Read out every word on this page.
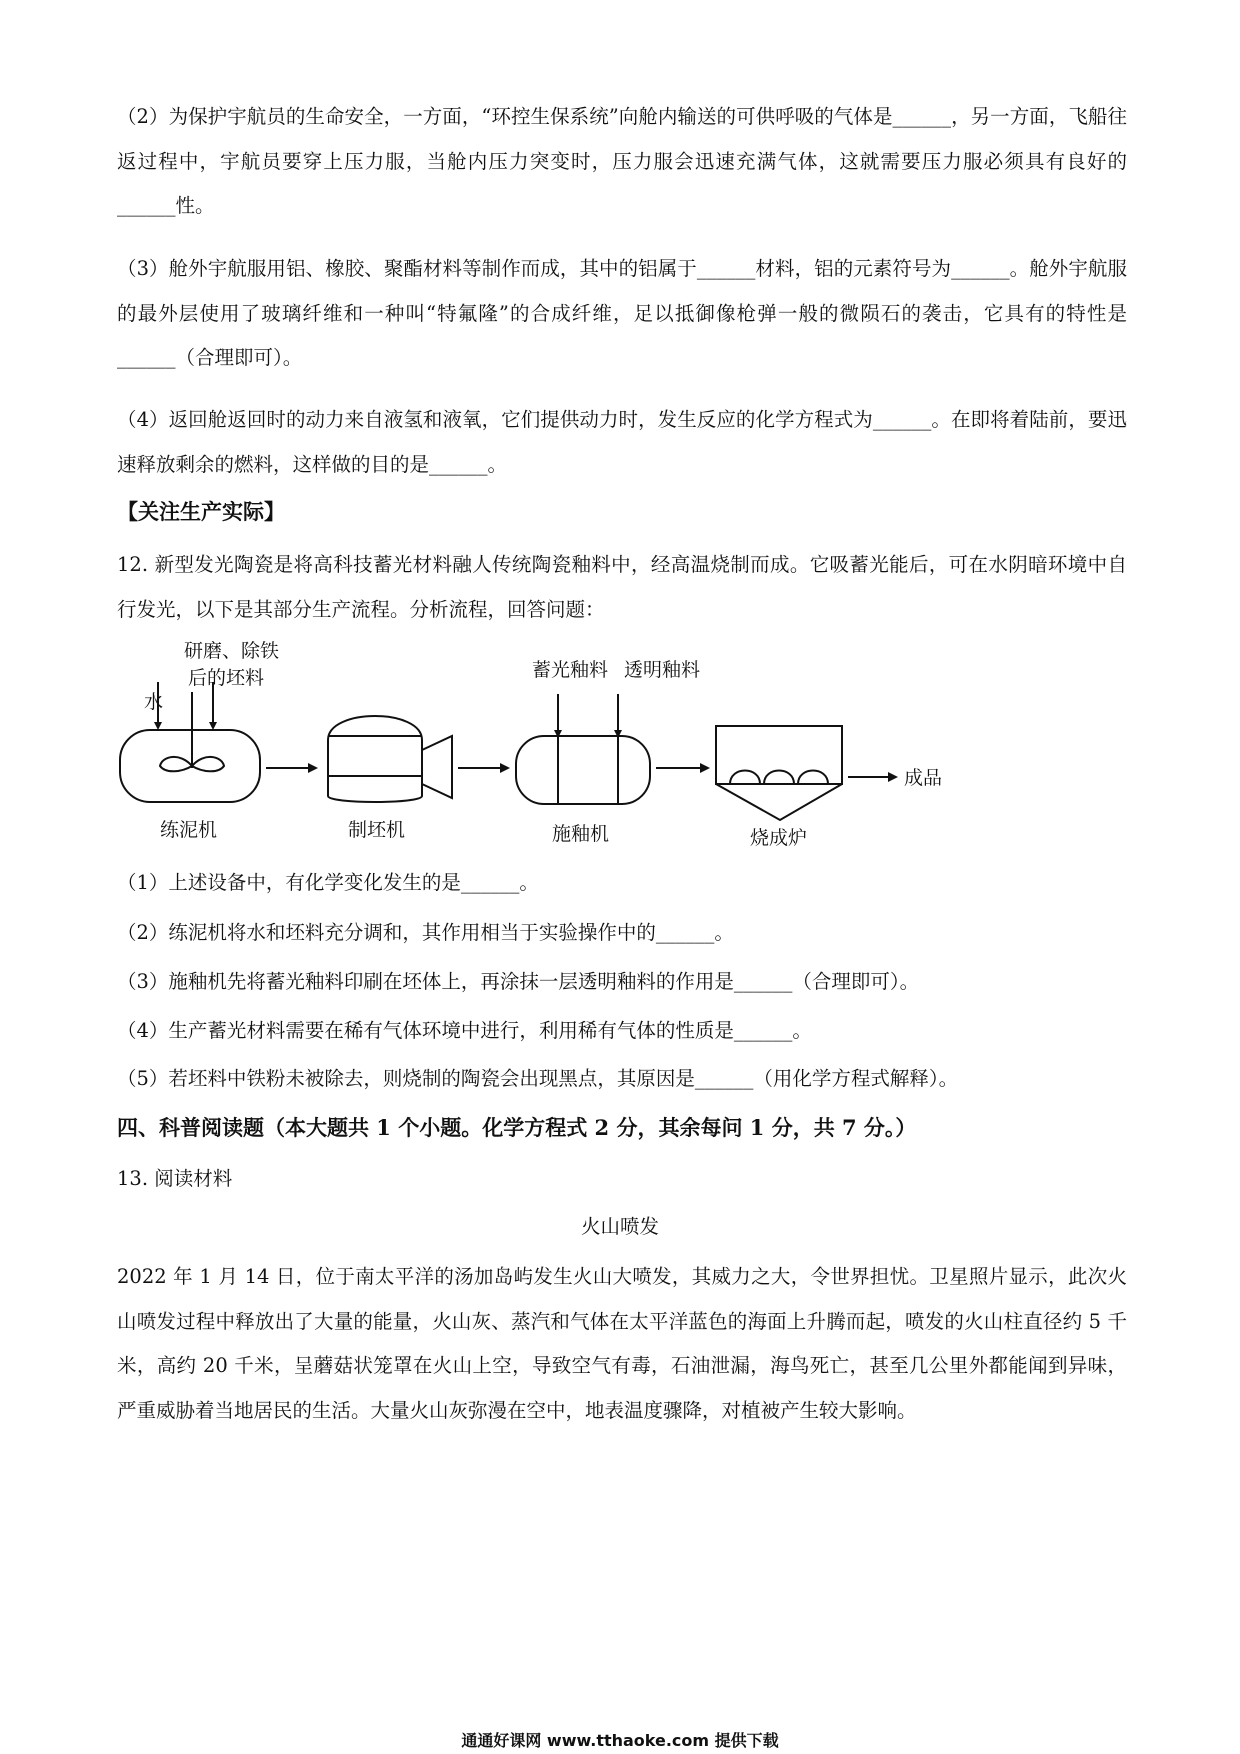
（2）为保护宇航员的生命安全，一方面，“环控生保系统”向舱内输送的可供呼吸的气体是______，另一方面，飞船往返过程中，宇航员要穿上压力服，当舱内压力突变时，压力服会迅速充满气体，这就需要压力服必须具有良好的______性。

（3）舱外宇航服用铝、橡胶、聚酯材料等制作而成，其中的铝属于______材料，铝的元素符号为______。舱外宇航服的最外层使用了玻璃纤维和一种叫“特氟隆”的合成纤维，足以抵御像枪弹一般的微陨石的袭击，它具有的特性是______（合理即可）。

（4）返回舱返回时的动力来自液氢和液氧，它们提供动力时，发生反应的化学方程式为______。在即将着陆前，要迅速释放剩余的燃料，这样做的目的是______。

【关注生产实际】

12. 新型发光陶瓷是将高科技蓄光材料融人传统陶瓷釉料中，经高温烧制而成。它吸蓄光能后，可在水阴暗环境中自行发光，以下是其部分生产流程。分析流程，回答问题：

水
研磨、除铁
后的坯料	蓄光釉料 透明釉料
练泥机	制坯机	施釉机	烧成炉
成品

（1）上述设备中，有化学变化发生的是______。

（2）练泥机将水和坯料充分调和，其作用相当于实验操作中的______。

（3）施釉机先将蓄光釉料印刷在坯体上，再涂抹一层透明釉料的作用是______（合理即可）。

（4）生产蓄光材料需要在稀有气体环境中进行，利用稀有气体的性质是______。

（5）若坯料中铁粉未被除去，则烧制的陶瓷会出现黑点，其原因是______（用化学方程式解释）。

四、科普阅读题（本大题共 1 个小题。化学方程式 2 分，其余每问 1 分，共 7 分。）

13. 阅读材料

火山喷发

2022 年 1 月 14 日，位于南太平洋的汤加岛屿发生火山大喷发，其威力之大，令世界担忧。卫星照片显示，此次火山喷发过程中释放出了大量的能量，火山灰、蒸汽和气体在太平洋蓝色的海面上升腾而起，喷发的火山柱直径约 5 千米，高约 20 千米，呈蘑菇状笼罩在火山上空，导致空气有毒，石油泄漏，海鸟死亡，甚至几公里外都能闻到异味，严重威胁着当地居民的生活。大量火山灰弥漫在空中，地表温度骤降，对植被产生较大影响。

通通好课网 www.tthaoke.com 提供下载
